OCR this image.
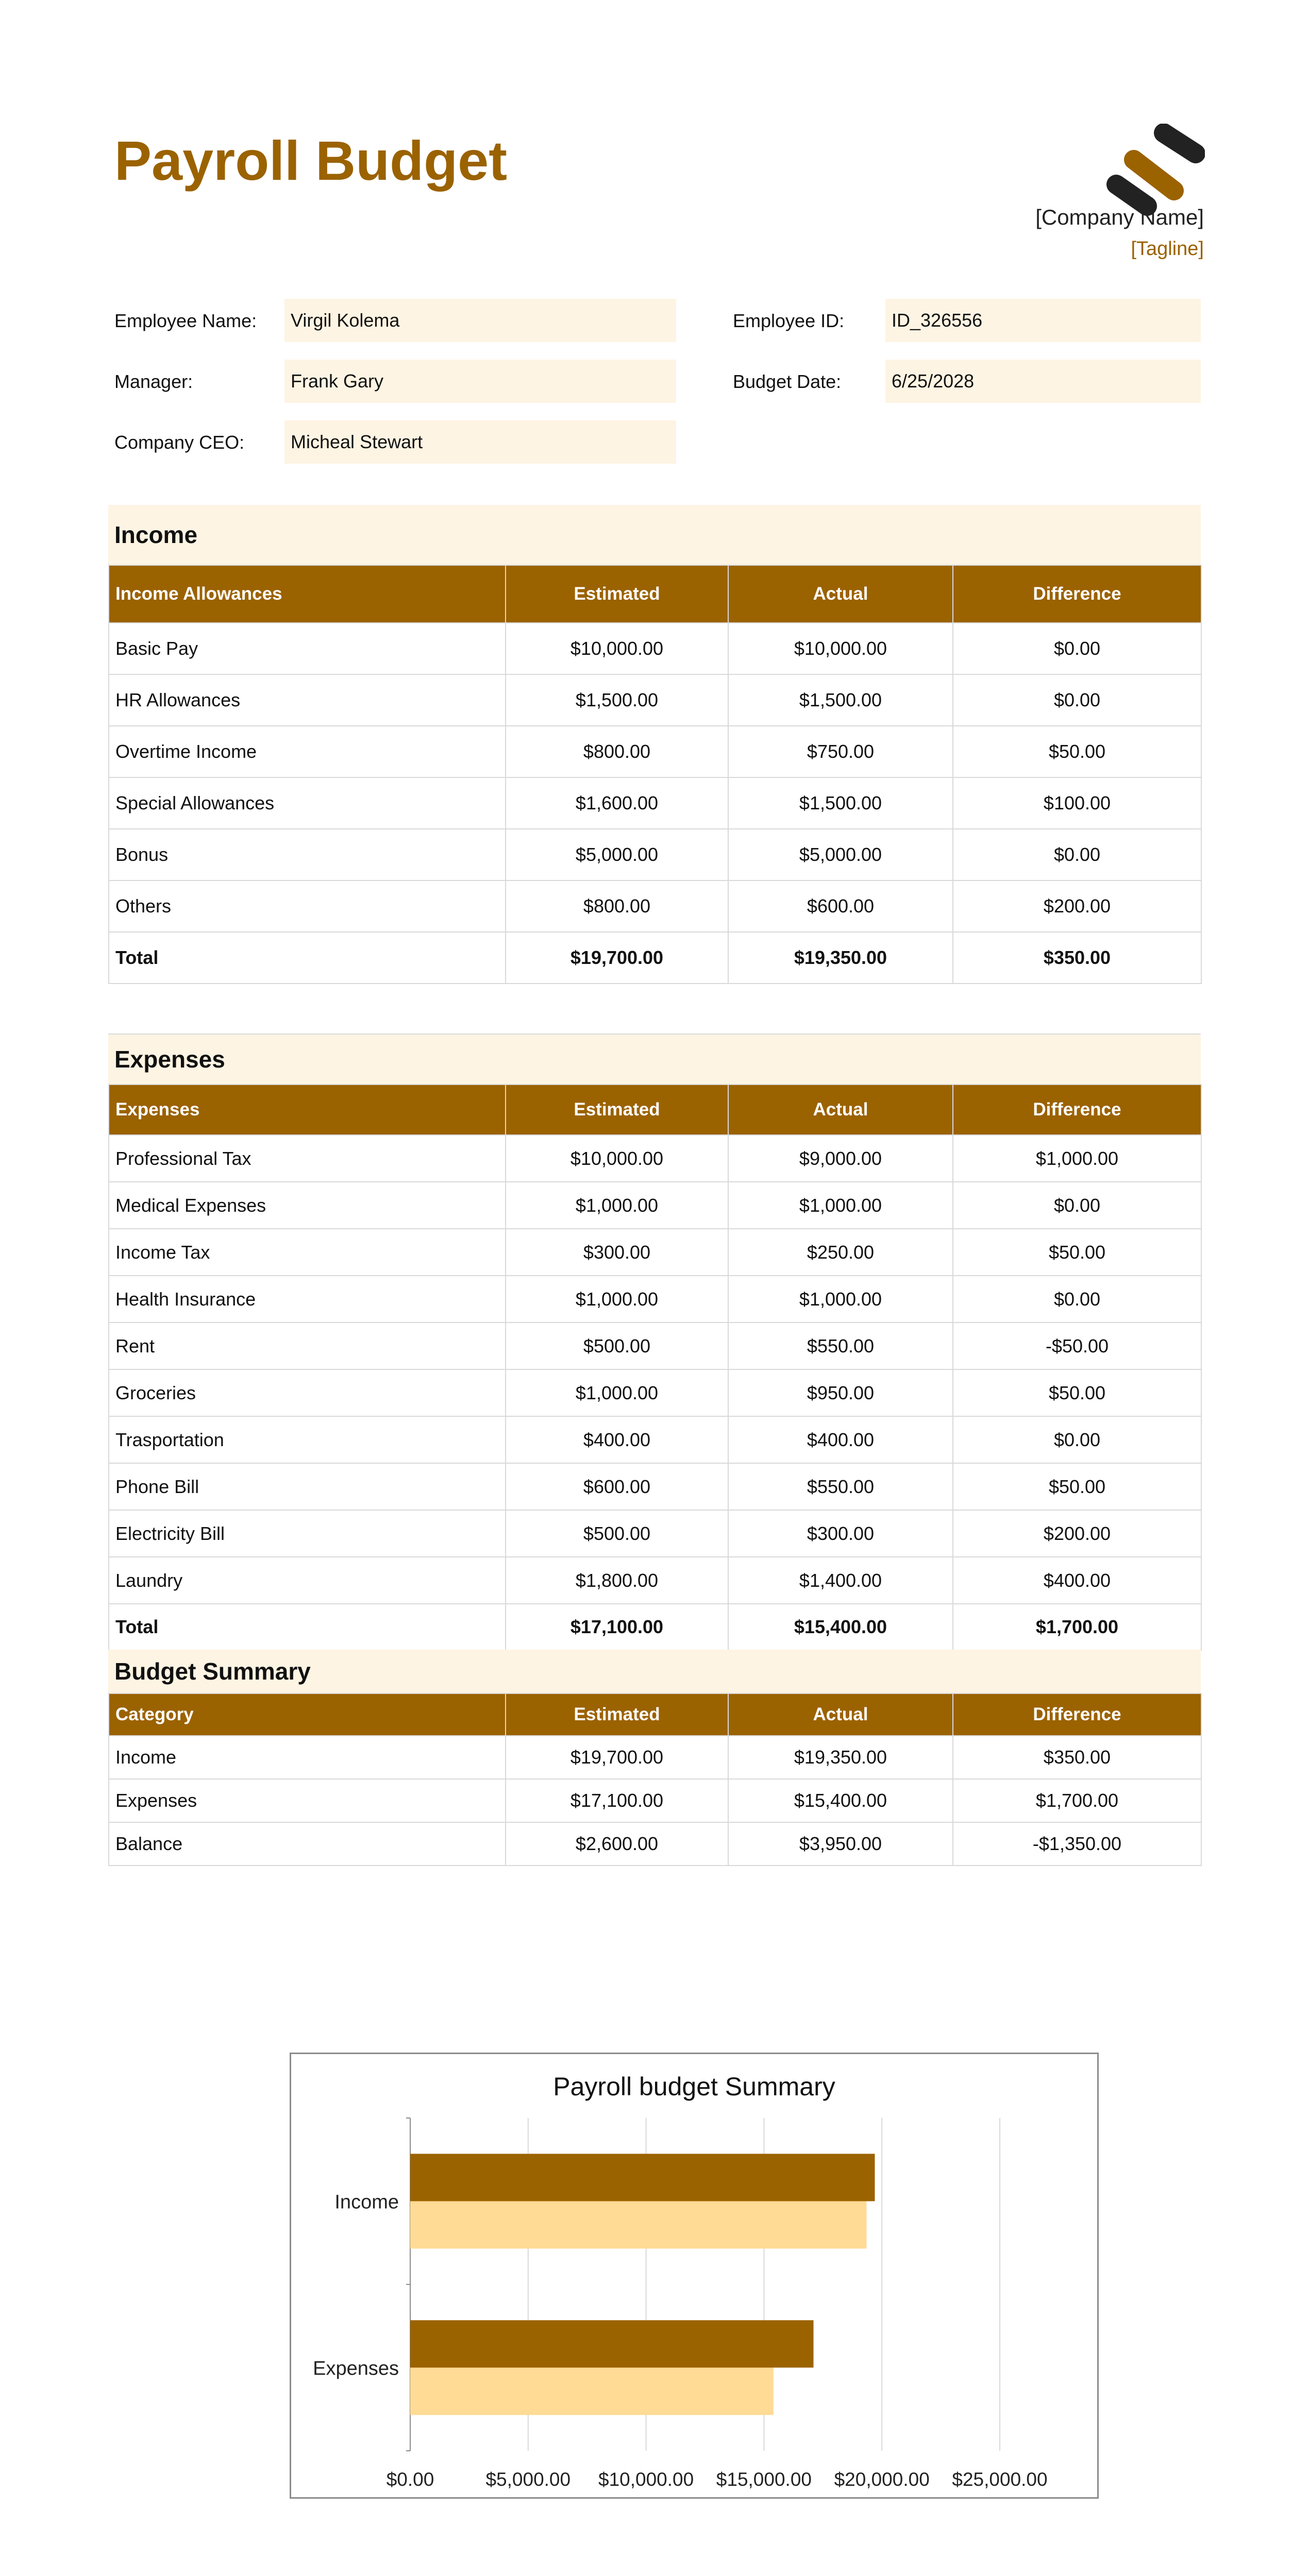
Payroll Budget
[Company Name]
[Tagline]
Employee Name:	Virgil Kolema
Manager:	Frank Gary
Company CEO:	Micheal Stewart
Employee ID:	ID_326556
Budget Date:	6/25/2028
Income
Income Allowances	Estimated	Actual	Difference
Basic Pay	$10,000.00	$10,000.00	$0.00
HR Allowances	$1,500.00	$1,500.00	$0.00
Overtime Income	$800.00	$750.00	$50.00
Special Allowances	$1,600.00	$1,500.00	$100.00
Bonus	$5,000.00	$5,000.00	$0.00
Others	$800.00	$600.00	$200.00
Total	$19,700.00	$19,350.00	$350.00
Expenses
Expenses	Estimated	Actual	Difference
Professional Tax	$10,000.00	$9,000.00	$1,000.00
Medical Expenses	$1,000.00	$1,000.00	$0.00
Income Tax	$300.00	$250.00	$50.00
Health Insurance	$1,000.00	$1,000.00	$0.00
Rent	$500.00	$550.00	-$50.00
Groceries	$1,000.00	$950.00	$50.00
Trasportation	$400.00	$400.00	$0.00
Phone Bill	$600.00	$550.00	$50.00
Electricity Bill	$500.00	$300.00	$200.00
Laundry	$1,800.00	$1,400.00	$400.00
Total	$17,100.00	$15,400.00	$1,700.00
Budget Summary
Category	Estimated	Actual	Difference
Income	$19,700.00	$19,350.00	$350.00
Expenses	$17,100.00	$15,400.00	$1,700.00
Balance	$2,600.00	$3,950.00	-$1,350.00
Payroll budget Summary
Income
Expenses
$0.00	$5,000.00 $10,000.00 $15,000.00 $20,000.00 $25,000.00
